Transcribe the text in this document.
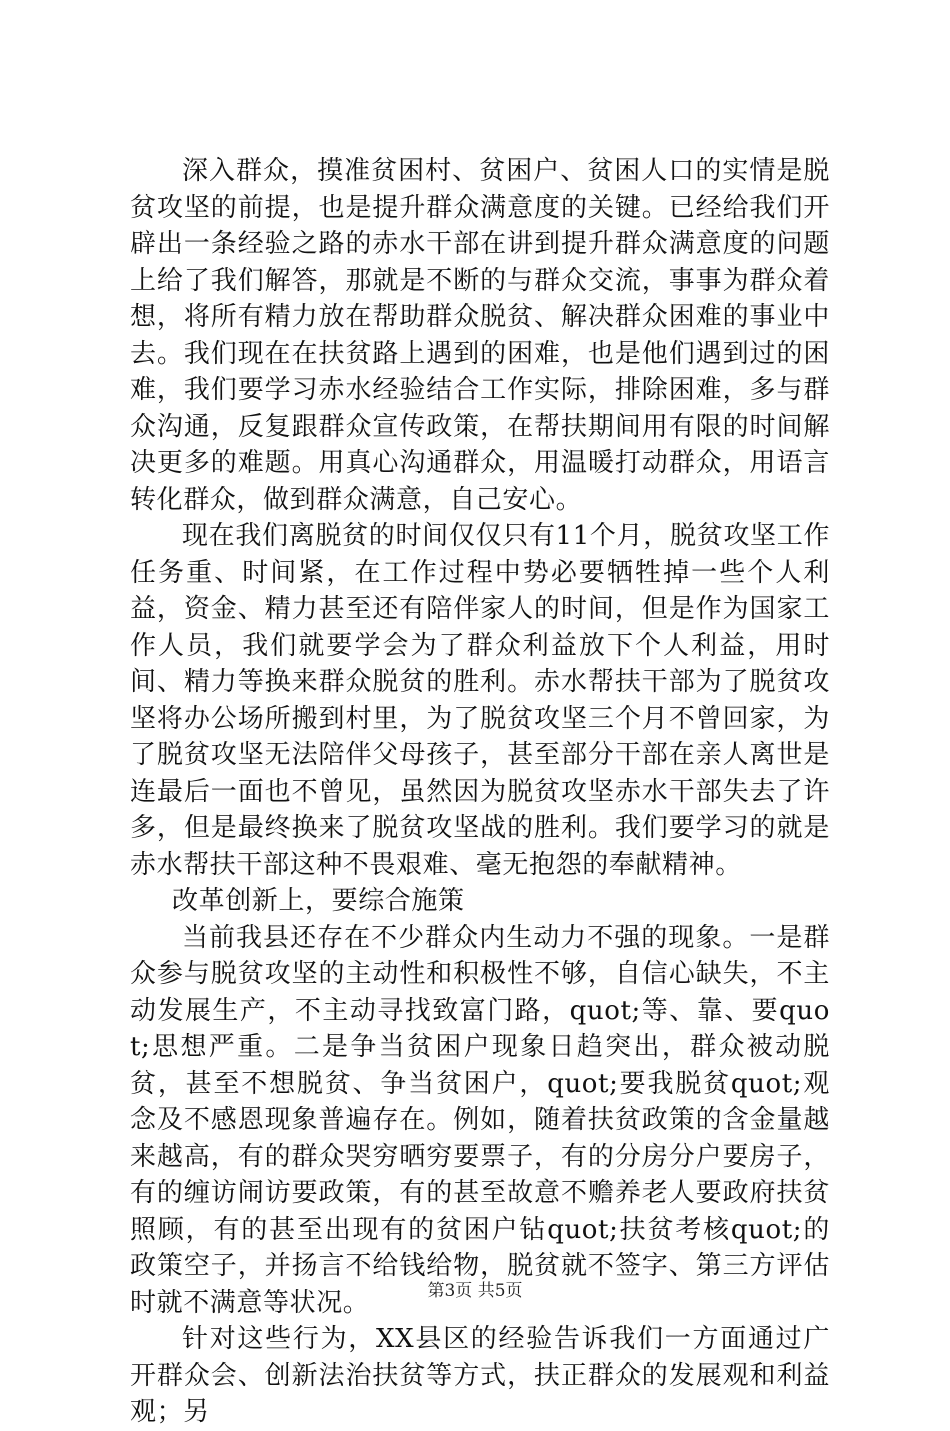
深入群众，摸准贫困村、贫困户、贫困人口的实情是脱贫攻坚的前提，也是提升群众满意度的关键。已经给我们开辟出一条经验之路的赤水干部在讲到提升群众满意度的问题上给了我们解答，那就是不断的与群众交流，事事为群众着想，将所有精力放在帮助群众脱贫、解决群众困难的事业中去。我们现在在扶贫路上遇到的困难，也是他们遇到过的困难，我们要学习赤水经验结合工作实际，排除困难，多与群众沟通，反复跟群众宣传政策，在帮扶期间用有限的时间解决更多的难题。用真心沟通群众，用温暖打动群众，用语言转化群众，做到群众满意，自己安心。

现在我们离脱贫的时间仅仅只有11个月，脱贫攻坚工作任务重、时间紧，在工作过程中势必要牺牲掉一些个人利益，资金、精力甚至还有陪伴家人的时间，但是作为国家工作人员，我们就要学会为了群众利益放下个人利益，用时间、精力等换来群众脱贫的胜利。赤水帮扶干部为了脱贫攻坚将办公场所搬到村里，为了脱贫攻坚三个月不曾回家，为了脱贫攻坚无法陪伴父母孩子，甚至部分干部在亲人离世是连最后一面也不曾见，虽然因为脱贫攻坚赤水干部失去了许多，但是最终换来了脱贫攻坚战的胜利。我们要学习的就是赤水帮扶干部这种不畏艰难、毫无抱怨的奉献精神。

改革创新上，要综合施策

当前我县还存在不少群众内生动力不强的现象。一是群众参与脱贫攻坚的主动性和积极性不够，自信心缺失，不主动发展生产，不主动寻找致富门路，quot;等、靠、要quot;思想严重。二是争当贫困户现象日趋突出，群众被动脱贫，甚至不想脱贫、争当贫困户，quot;要我脱贫quot;观念及不感恩现象普遍存在。例如，随着扶贫政策的含金量越来越高，有的群众哭穷晒穷要票子，有的分房分户要房子，有的缠访闹访要政策，有的甚至故意不赡养老人要政府扶贫照顾，有的甚至出现有的贫困户钻quot;扶贫考核quot;的政策空子，并扬言不给钱给物，脱贫就不签字、第三方评估时就不满意等状况。

针对这些行为，XX县区的经验告诉我们一方面通过广开群众会、创新法治扶贫等方式，扶正群众的发展观和利益观；另

第3页 共5页
